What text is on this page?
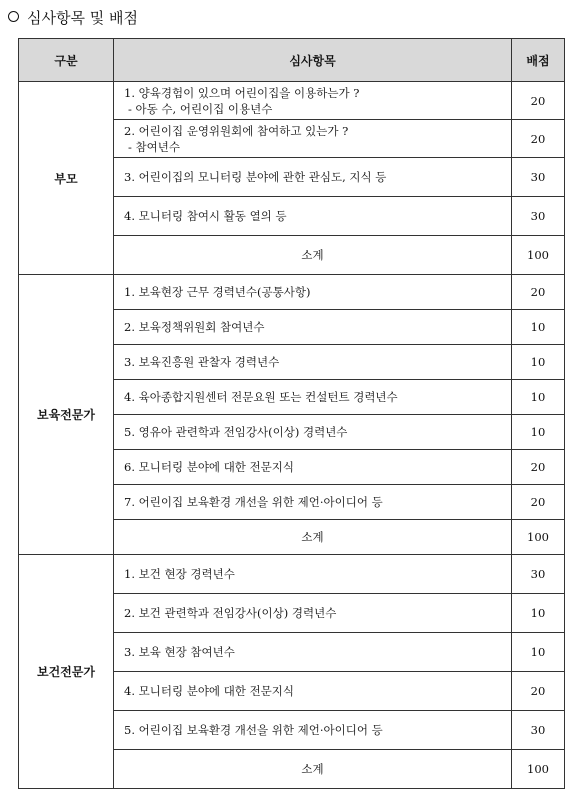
심사항목 및 배점
구분	심사항목	배점
부모	1. 양육경험이 있으며 어린이집을 이용하는가 ?
- 아동 수, 어린이집 이용년수	20
	2. 어린이집 운영위원회에 참여하고 있는가 ?
- 참여년수	20
	3. 어린이집의 모니터링 분야에 관한 관심도, 지식 등	30
	4. 모니터링 참여시 활동 열의 등	30
	소계	100
보육전문가	1. 보육현장 근무 경력년수(공통사항)	20
	2. 보육정책위원회 참여년수	10
	3. 보육진흥원 관찰자 경력년수	10
	4. 육아종합지원센터 전문요원 또는 컨설턴트 경력년수	10
	5. 영유아 관련학과 전임강사(이상) 경력년수	10
	6. 모니터링 분야에 대한 전문지식	20
	7. 어린이집 보육환경 개선을 위한 제언·아이디어 등	20
	소계	100
보건전문가	1. 보건 현장 경력년수	30
	2. 보건 관련학과 전임강사(이상) 경력년수	10
	3. 보육 현장 참여년수	10
	4. 모니터링 분야에 대한 전문지식	20
	5. 어린이집 보육환경 개선을 위한 제언·아이디어 등	30
	소계	100
